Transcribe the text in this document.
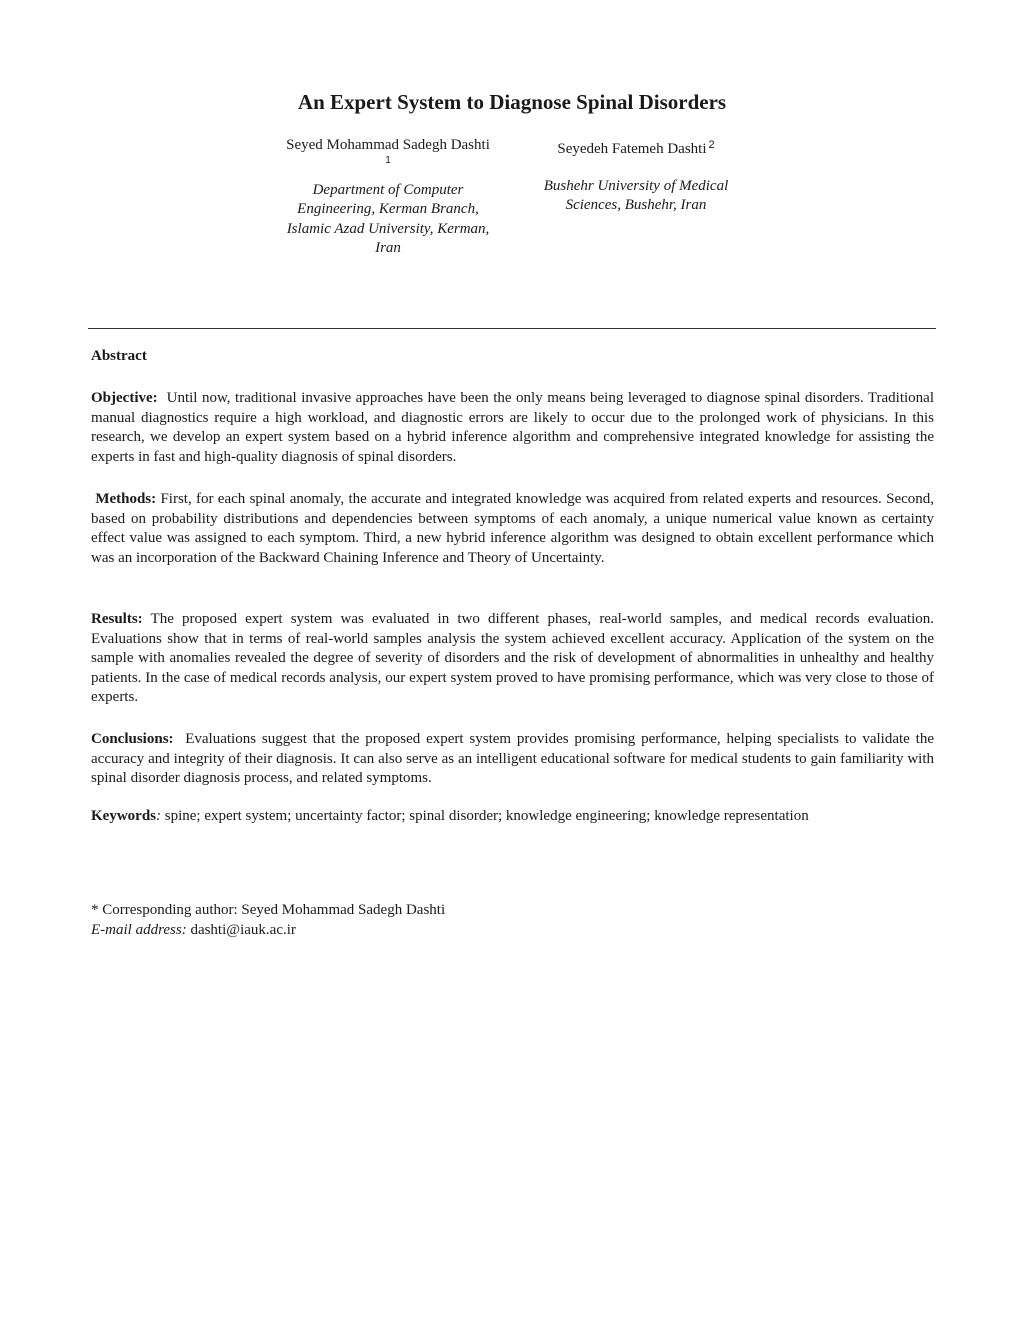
An Expert System to Diagnose Spinal Disorders
Seyed Mohammad Sadegh Dashti
1
Department of Computer
Engineering, Kerman Branch,
Islamic Azad University, Kerman,
Iran
Seyedeh Fatemeh Dashti $^2$
Bushehr University of Medical
Sciences, Bushehr, Iran
Abstract

Objective: Until now, traditional invasive approaches have been the only means being leveraged to diagnose spinal disorders. Traditional manual diagnostics require a high workload, and diagnostic errors are likely to occur due to the prolonged work of physicians. In this research, we develop an expert system based on a hybrid inference algorithm and comprehensive integrated knowledge for assisting the experts in fast and high-quality diagnosis of spinal disorders.

Methods: First, for each spinal anomaly, the accurate and integrated knowledge was acquired from related experts and resources. Second, based on probability distributions and dependencies between symptoms of each anomaly, a unique numerical value known as certainty effect value was assigned to each symptom. Third, a new hybrid inference algorithm was designed to obtain excellent performance which was an incorporation of the Backward Chaining Inference and Theory of Uncertainty.

Results: The proposed expert system was evaluated in two different phases, real-world samples, and medical records evaluation. Evaluations show that in terms of real-world samples analysis the system achieved excellent accuracy. Application of the system on the sample with anomalies revealed the degree of severity of disorders and the risk of development of abnormalities in unhealthy and healthy patients. In the case of medical records analysis, our expert system proved to have promising performance, which was very close to those of experts.

Conclusions: Evaluations suggest that the proposed expert system provides promising performance, helping specialists to validate the accuracy and integrity of their diagnosis. It can also serve as an intelligent educational software for medical students to gain familiarity with spinal disorder diagnosis process, and related symptoms.

Keywords: spine; expert system; uncertainty factor; spinal disorder; knowledge engineering; knowledge representation

* Corresponding author: Seyed Mohammad Sadegh Dashti
E-mail address: dashti@iauk.ac.ir
